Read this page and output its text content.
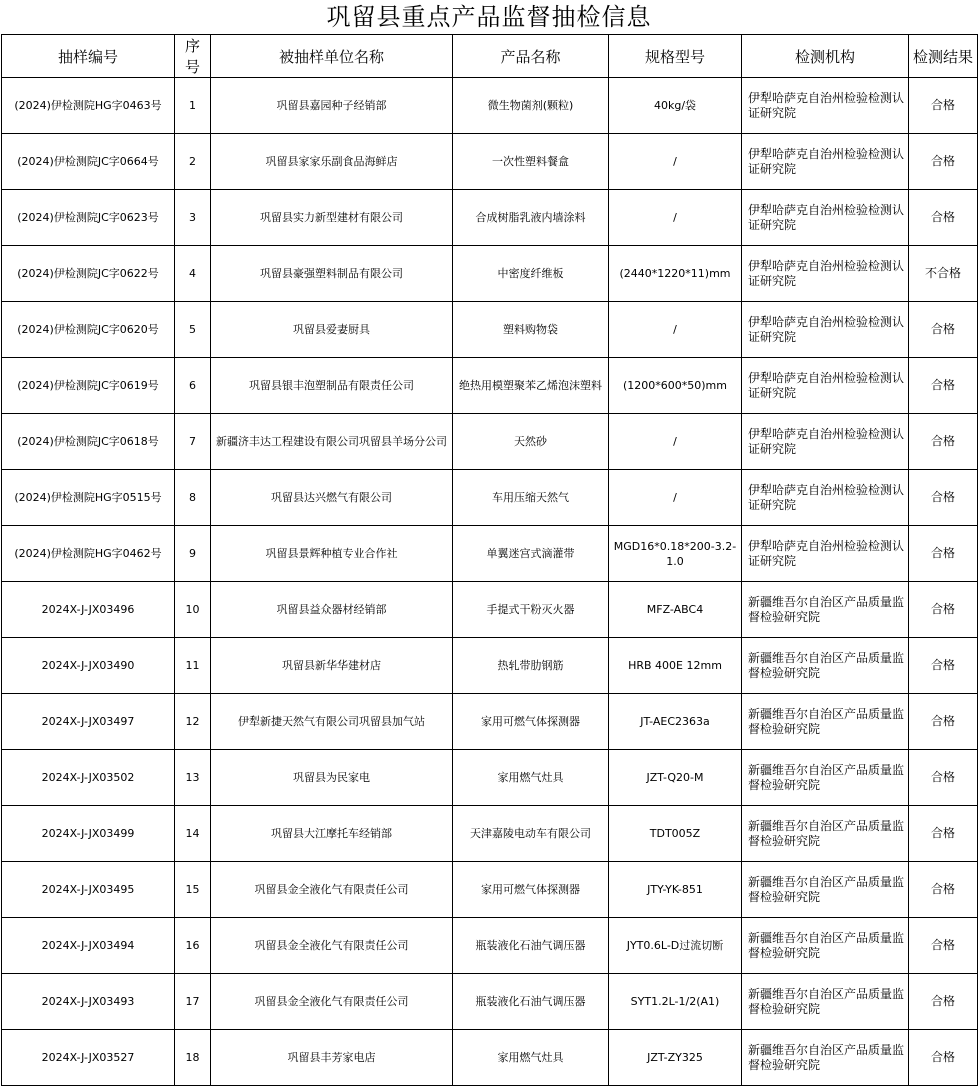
巩留县重点产品监督抽检信息
抽样编号	序号	被抽样单位名称	产品名称	规格型号	检测机构	检测结果
(2024)伊检测院HG字0463号	1	巩留县嘉园种子经销部	微生物菌剂(颗粒)	40kg/袋	伊犁哈萨克自治州检验检测认证研究院	合格
(2024)伊检测院JC字0664号	2	巩留县家家乐副食品海鲜店	一次性塑料餐盒	/	伊犁哈萨克自治州检验检测认证研究院	合格
(2024)伊检测院JC字0623号	3	巩留县实力新型建材有限公司	合成树脂乳液内墙涂料	/	伊犁哈萨克自治州检验检测认证研究院	合格
(2024)伊检测院JC字0622号	4	巩留县豪强塑料制品有限公司	中密度纤维板	(2440*1220*11)mm	伊犁哈萨克自治州检验检测认证研究院	不合格
(2024)伊检测院JC字0620号	5	巩留县爱妻厨具	塑料购物袋	/	伊犁哈萨克自治州检验检测认证研究院	合格
(2024)伊检测院JC字0619号	6	巩留县银丰泡塑制品有限责任公司	绝热用模塑聚苯乙烯泡沫塑料	(1200*600*50)mm	伊犁哈萨克自治州检验检测认证研究院	合格
(2024)伊检测院JC字0618号	7	新疆济丰达工程建设有限公司巩留县羊场分公司	天然砂	/	伊犁哈萨克自治州检验检测认证研究院	合格
(2024)伊检测院HG字0515号	8	巩留县达兴燃气有限公司	车用压缩天然气	/	伊犁哈萨克自治州检验检测认证研究院	合格
(2024)伊检测院HG字0462号	9	巩留县景辉种植专业合作社	单翼迷宫式滴灌带	MGD16*0.18*200-3.2-1.0	伊犁哈萨克自治州检验检测认证研究院	合格
2024X-J-JX03496	10	巩留县益众器材经销部	手提式干粉灭火器	MFZ-ABC4	新疆维吾尔自治区产品质量监督检验研究院	合格
2024X-J-JX03490	11	巩留县新华华建材店	热轧带肋钢筋	HRB 400E 12mm	新疆维吾尔自治区产品质量监督检验研究院	合格
2024X-J-JX03497	12	伊犁新捷天然气有限公司巩留县加气站	家用可燃气体探测器	JT-AEC2363a	新疆维吾尔自治区产品质量监督检验研究院	合格
2024X-J-JX03502	13	巩留县为民家电	家用燃气灶具	JZT-Q20-M	新疆维吾尔自治区产品质量监督检验研究院	合格
2024X-J-JX03499	14	巩留县大江摩托车经销部	天津嘉陵电动车有限公司	TDT005Z	新疆维吾尔自治区产品质量监督检验研究院	合格
2024X-J-JX03495	15	巩留县金全液化气有限责任公司	家用可燃气体探测器	JTY-YK-851	新疆维吾尔自治区产品质量监督检验研究院	合格
2024X-J-JX03494	16	巩留县金全液化气有限责任公司	瓶装液化石油气调压器	JYT0.6L-D过流切断	新疆维吾尔自治区产品质量监督检验研究院	合格
2024X-J-JX03493	17	巩留县金全液化气有限责任公司	瓶装液化石油气调压器	SYT1.2L-1/2(A1)	新疆维吾尔自治区产品质量监督检验研究院	合格
2024X-J-JX03527	18	巩留县丰芳家电店	家用燃气灶具	JZT-ZY325	新疆维吾尔自治区产品质量监督检验研究院	合格
